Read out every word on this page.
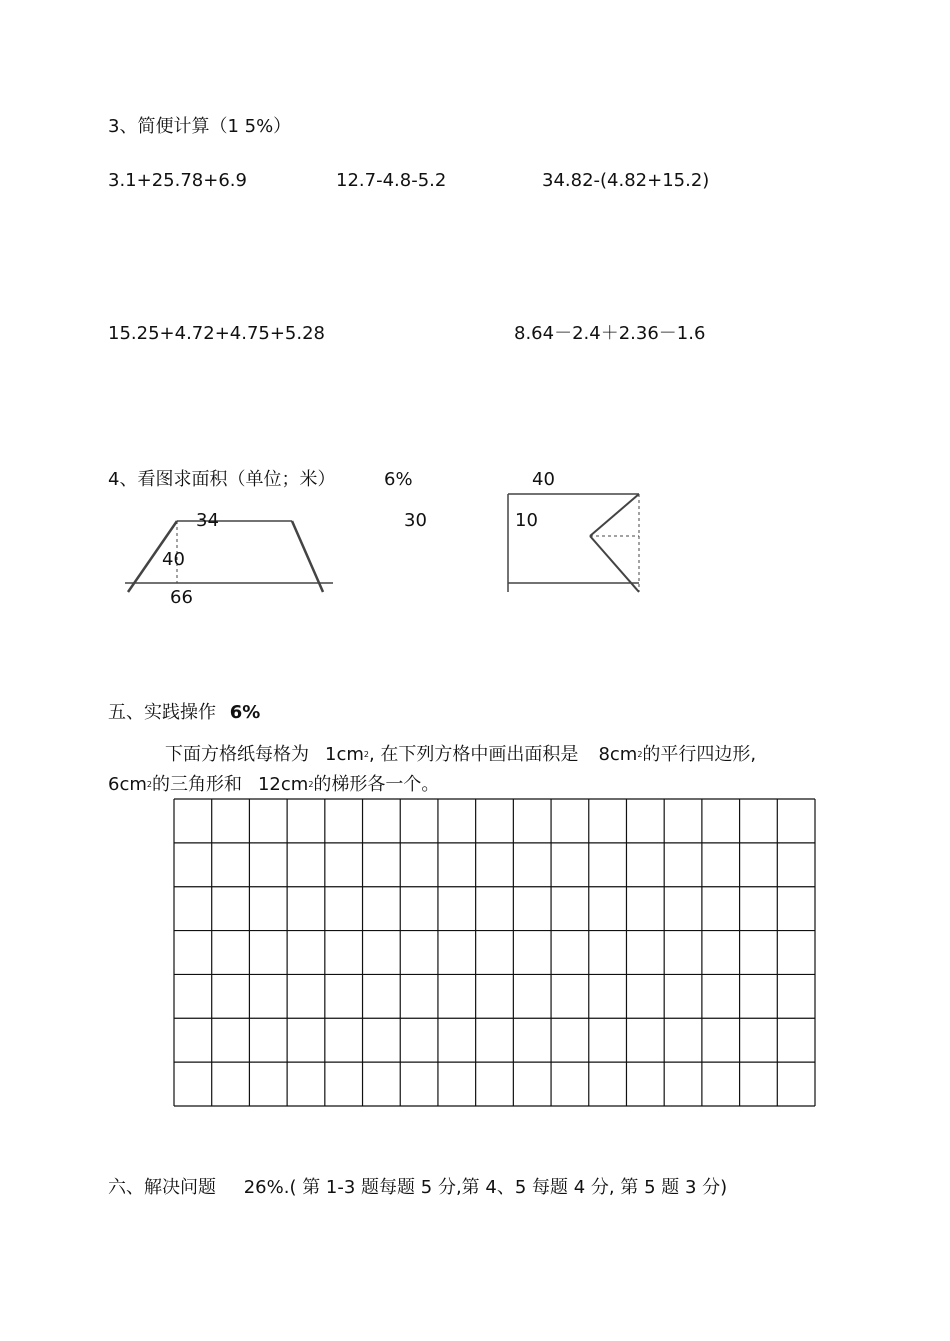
3、简便计算（1 5%）
3.1+25.78+6.9	12.7-4.8-5.2	34.82-(4.82+15.2)
15.25+4.72+4.75+5.28	8.64－2.4＋2.36－1.6
4、看图求面积（单位；米）	6%
34
40
66
40
30	10
五、实践操作 6%
下面方格纸每格为 $1cm^2$, 在下列方格中画出面积是 $8cm^2$的平行四边形,
$6cm^2$的三角形和 $12cm^2$的梯形各一个。
六、解决问题 26%.( 第 1-3 题每题 5 分,第 4、5 每题 4 分, 第 5 题 3 分)
